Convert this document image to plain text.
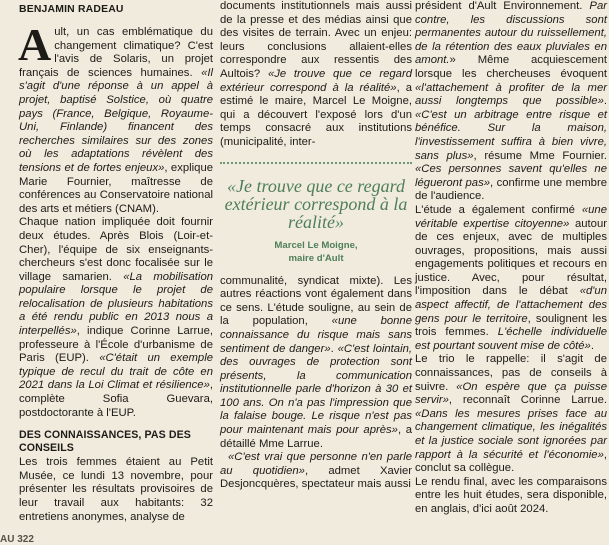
BENJAMIN RADEAU

Ault, un cas emblématique du changement climatique? C'est l'avis de Solaris, un projet français de sciences humaines. «Il s'agit d'une réponse à un appel à projet, baptisé Solstice, où quatre pays (France, Belgique, Royaume-Uni, Finlande) financent des recherches similaires sur des zones où les adaptations révèlent des tensions et de fortes enjeux», explique Marie Fournier, maîtresse de conférences au Conservatoire national des arts et métiers (CNAM).

Chaque nation impliquée doit fournir deux études. Après Blois (Loir-et-Cher), l'équipe de six enseignants-chercheurs s'est donc focalisée sur le village samarien. «La mobilisation populaire lorsque le projet de relocalisation de plusieurs habitations a été rendu public en 2013 nous a interpellés», indique Corinne Larrue, professeure à l'École d'urbanisme de Paris (EUP). «C'était un exemple typique de recul du trait de côte en 2021 dans la Loi Climat et résilience», complète Sofia Guevara, postdoctorante à l'EUP.

DES CONNAISSANCES, PAS DES CONSEILS

Les trois femmes étaient au Petit Musée, ce lundi 13 novembre, pour présenter les résultats provisoires de leur travail aux habitants: 32 entretiens anonymes, analyse de

documents institutionnels mais aussi de la presse et des médias ainsi que des visites de terrain. Avec un enjeu: leurs conclusions allaient-elles correspondre aux ressentis des Aultois? «Je trouve que ce regard extérieur correspond à la réalité», a estimé le maire, Marcel Le Moigne, qui a découvert l'exposé lors d'un temps consacré aux institutions (municipalité, inter-

«Je trouve que ce regard extérieur correspond à la réalité»
Marcel Le Moigne,
maire d'Ault

communalité, syndicat mixte). Les autres réactions vont également dans ce sens. L'étude souligne, au sein de la population, «une bonne connaissance du risque mais sans sentiment de danger». «C'est lointain, des ouvrages de protection sont présents, la communication institutionnelle parle d'horizon à 30 et 100 ans. On n'a pas l'impression que la falaise bouge. Le risque n'est pas pour maintenant mais pour après», a détaillé Mme Larrue.

«C'est vrai que personne n'en parle au quotidien», admet Xavier Desjoncquères, spectateur mais aussi

président d'Ault Environnement. Par contre, les discussions sont permanentes autour du ruissellement, de la rétention des eaux pluviales en amont.» Même acquiescement lorsque les chercheuses évoquent «l'attachement à profiter de la mer aussi longtemps que possible». «C'est un arbitrage entre risque et bénéfice. Sur la maison, l'investissement suffira à bien vivre, sans plus», résume Mme Fournier. «Ces personnes savent qu'elles ne légueront pas», confirme une membre de l'audience.

L'étude a également confirmé «une véritable expertise citoyenne» autour de ces enjeux, avec de multiples ouvrages, propositions, mais aussi engagements politiques et recours en justice. Avec, pour résultat, l'imposition dans le débat «d'un aspect affectif, de l'attachement des gens pour le territoire, soulignent les trois femmes. L'échelle individuelle est pourtant souvent mise de côté».

Le trio le rappelle: il s'agit de connaissances, pas de conseils à suivre. «On espère que ça puisse servir», reconnaît Corinne Larrue. «Dans les mesures prises face au changement climatique, les inégalités et la justice sociale sont ignorées par rapport à la sécurité et l'économie», conclut sa collègue.

Le rendu final, avec les comparaisons entre les huit études, sera disponible, en anglais, d'ici août 2024.

AU 322
